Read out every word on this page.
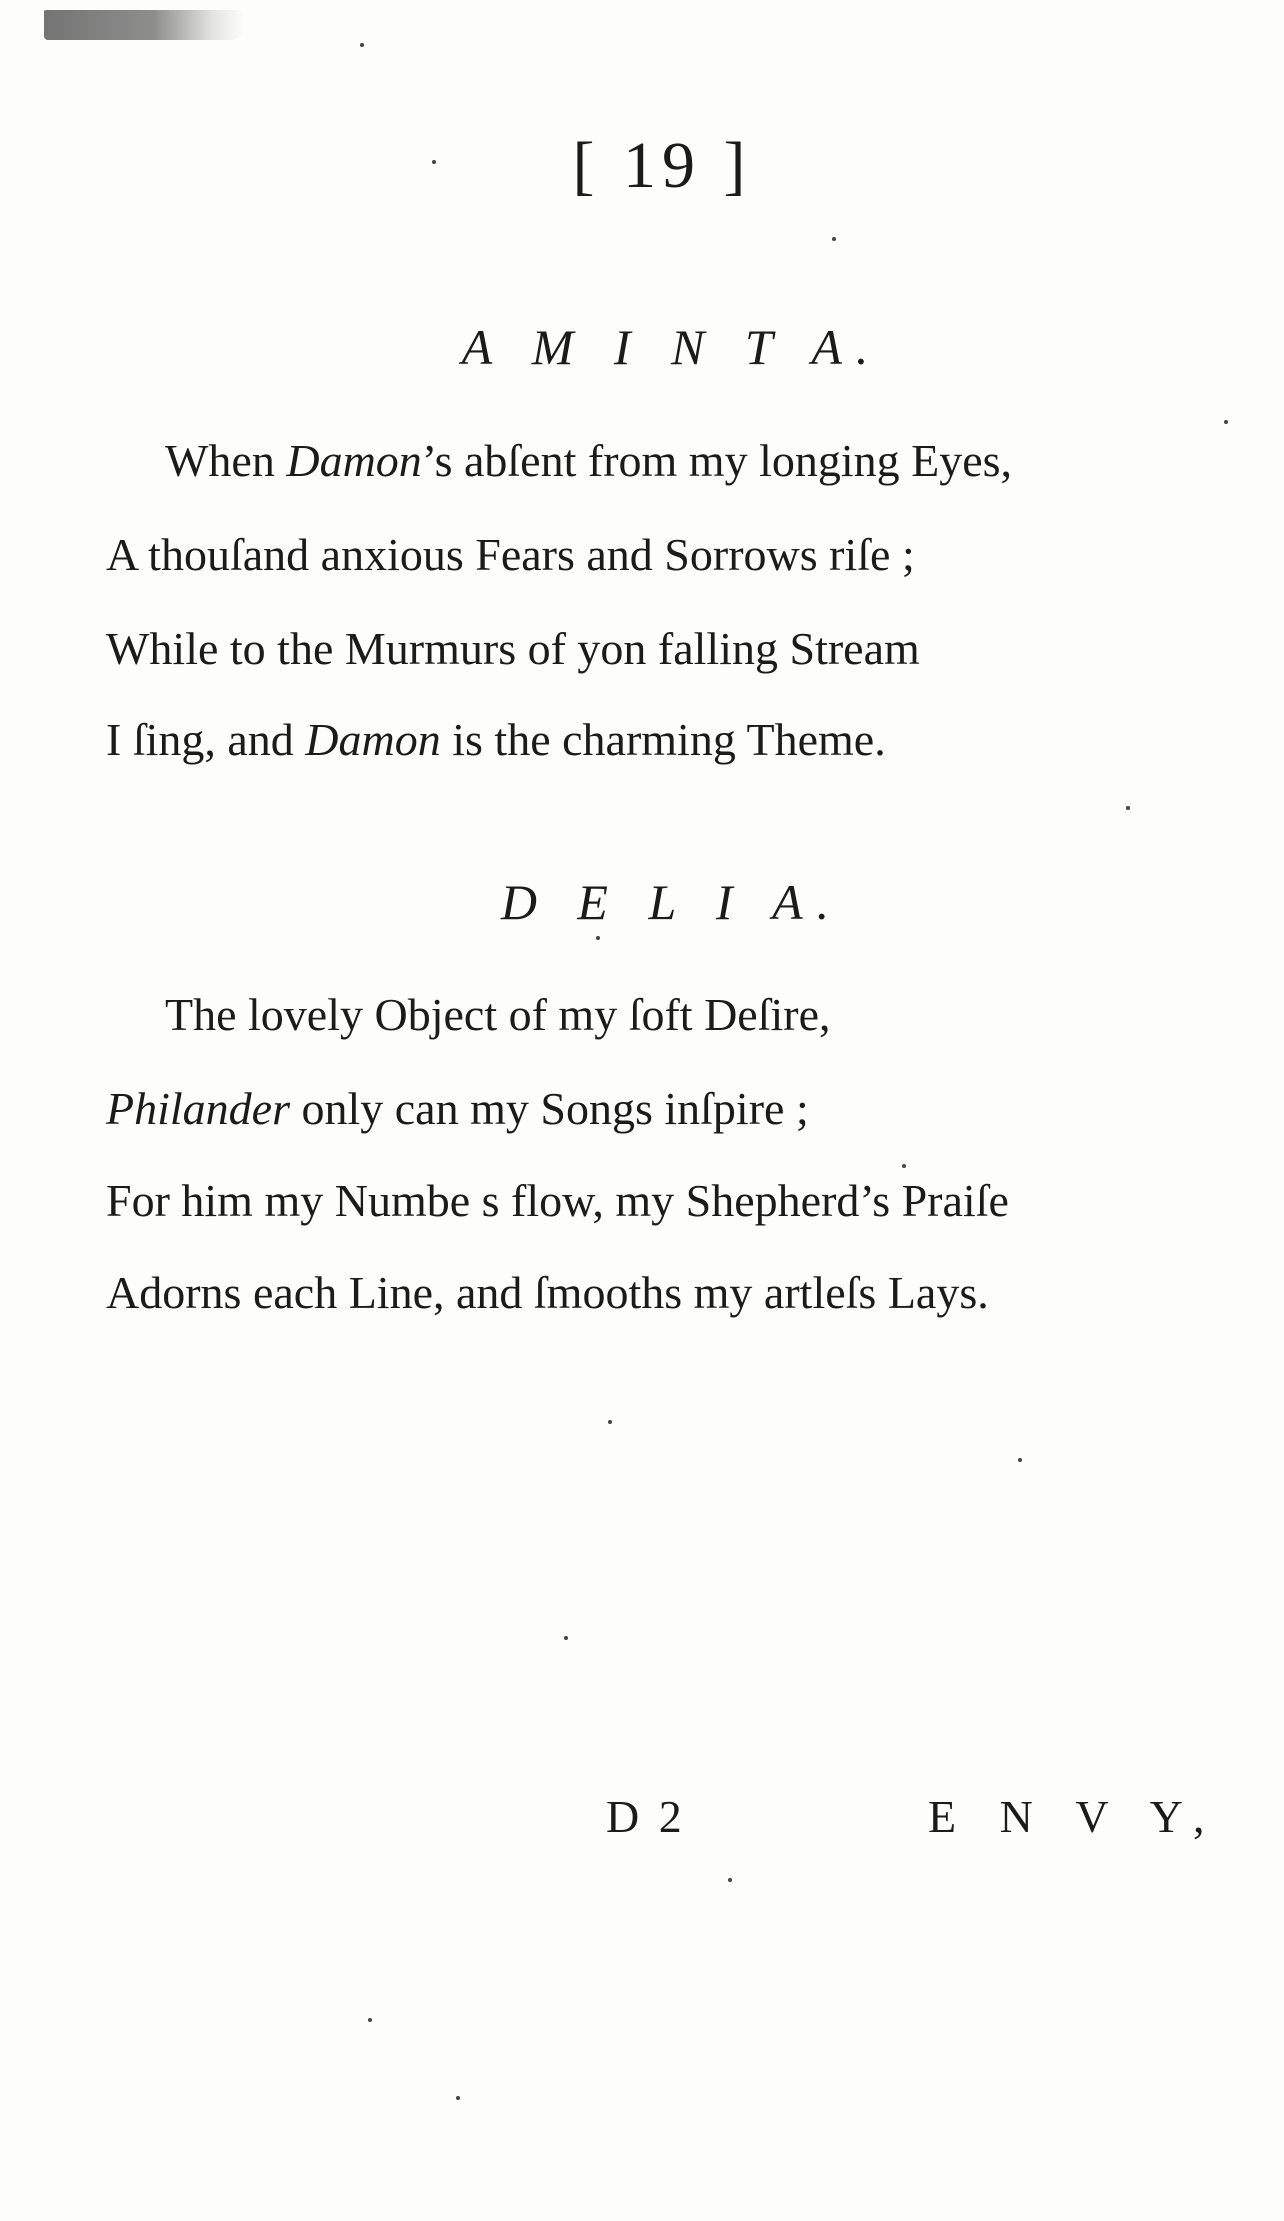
[ 19 ]
A M I N T A.
When Damon’s abſent from my longing Eyes,
A thouſand anxious Fears and Sorrows riſe ;
While to the Murmurs of yon falling Stream
I ſing, and Damon is the charming Theme.
D E L I A.
The lovely Object of my ſoft Deſire,
Philander only can my Songs inſpire ;
For him my Numbe s flow, my Shepherd’s Praiſe
Adorns each Line, and ſmooths my artleſs Lays.
D 2	E N V Y,
